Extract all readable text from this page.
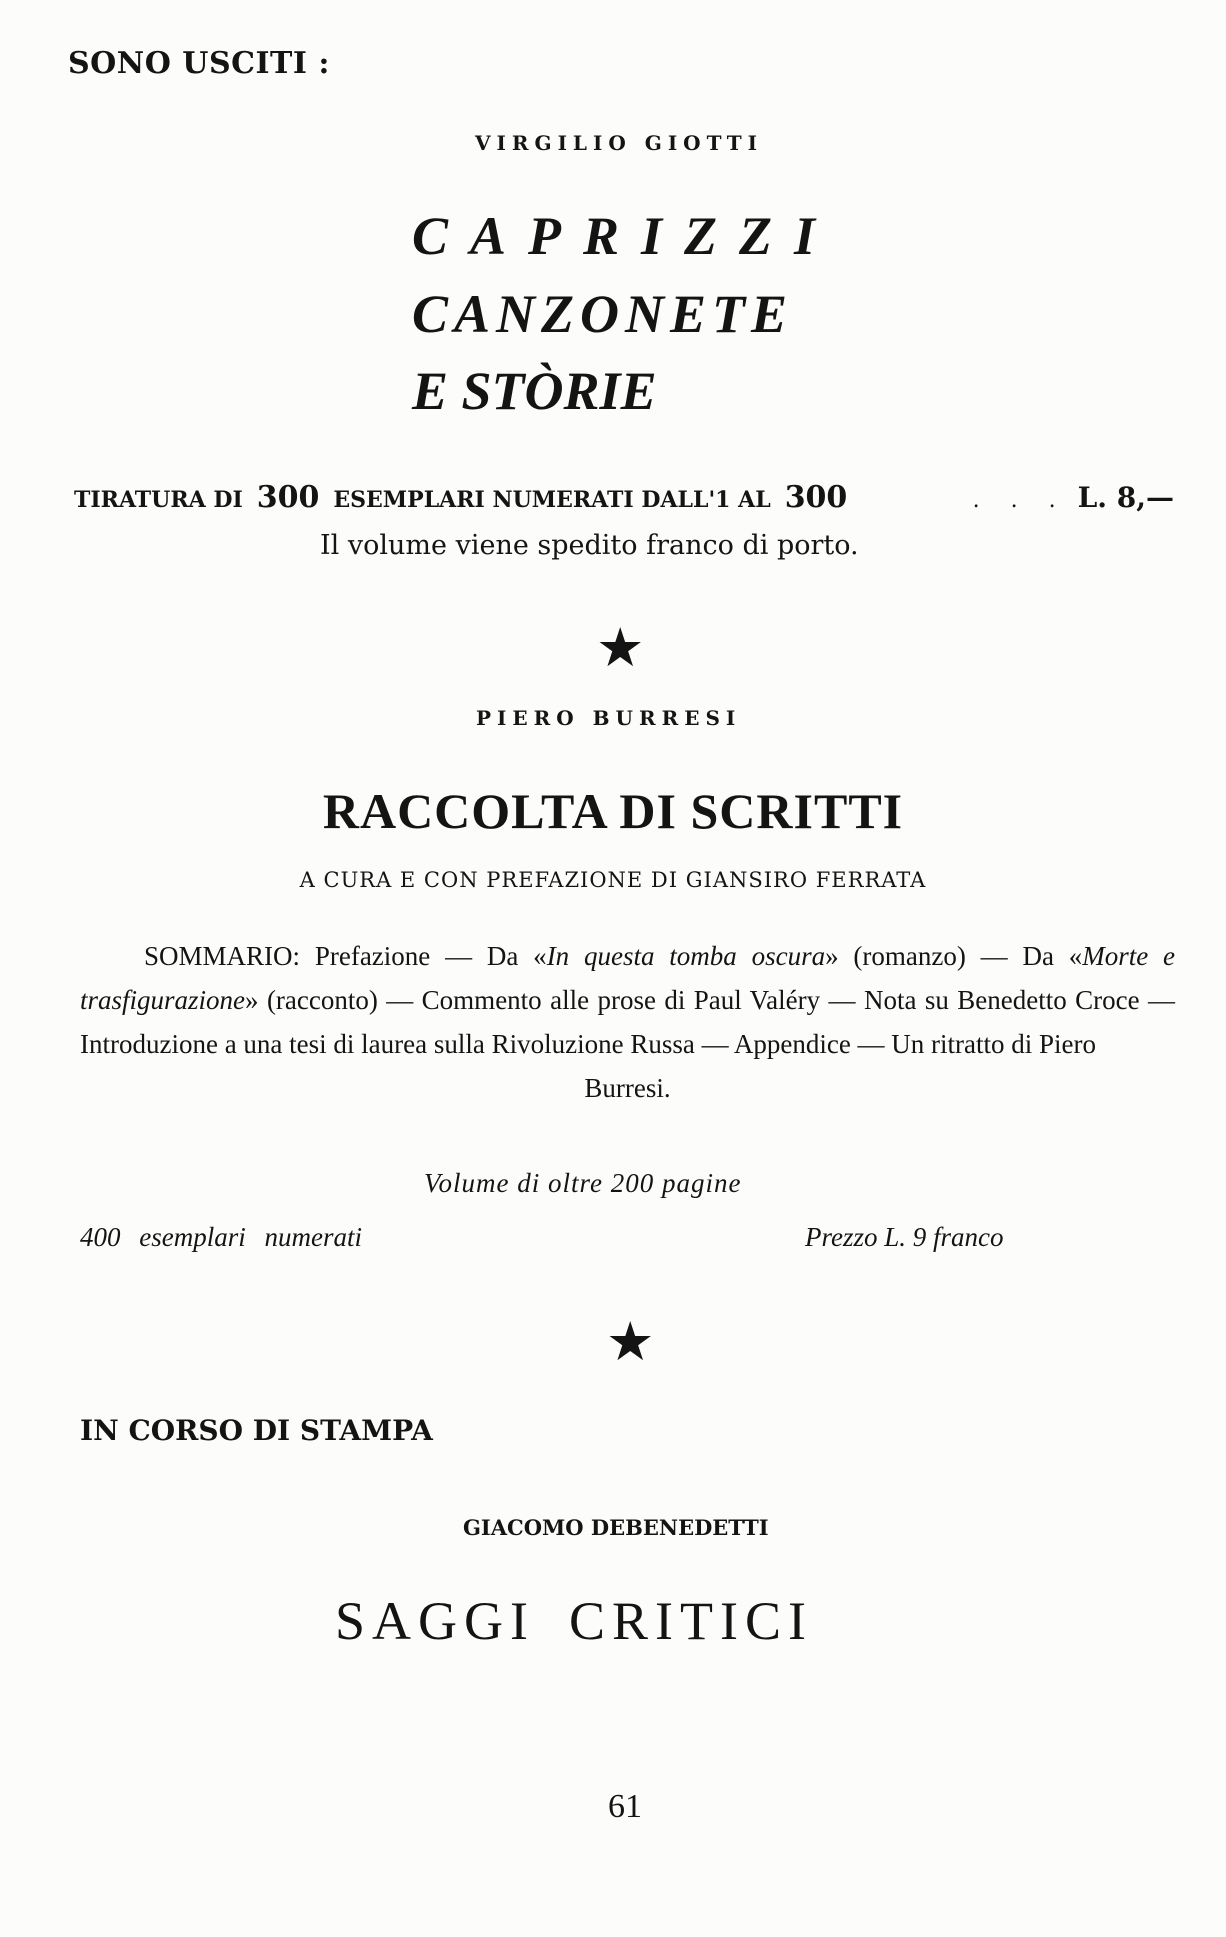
SONO USCITI :
VIRGILIO GIOTTI
CAPRIZZI
CANZONETE
E STÒRIE
TIRATURA DI
300
ESEMPLARI NUMERATI DALL'1 AL
300	. . . L. 8,—
Il volume viene spedito franco di porto.
★
PIERO BURRESI
RACCOLTA DI SCRITTI
A CURA E CON PREFAZIONE DI GIANSIRO FERRATA
SOMMARIO: Prefazione — Da «In questa tomba oscura» (romanzo) — Da «Morte e trasfigurazione» (racconto) — Commento alle prose di Paul Valéry — Nota su Benedetto Croce — Introduzione a una tesi di laurea sulla Rivoluzione Russa — Appendice — Un ritratto di Piero
Burresi.
Volume di oltre 200 pagine
400 esemplari numerati	Prezzo L. 9 franco
★
IN CORSO DI STAMPA
GIACOMO DEBENEDETTI
SAGGI CRITICI
61
